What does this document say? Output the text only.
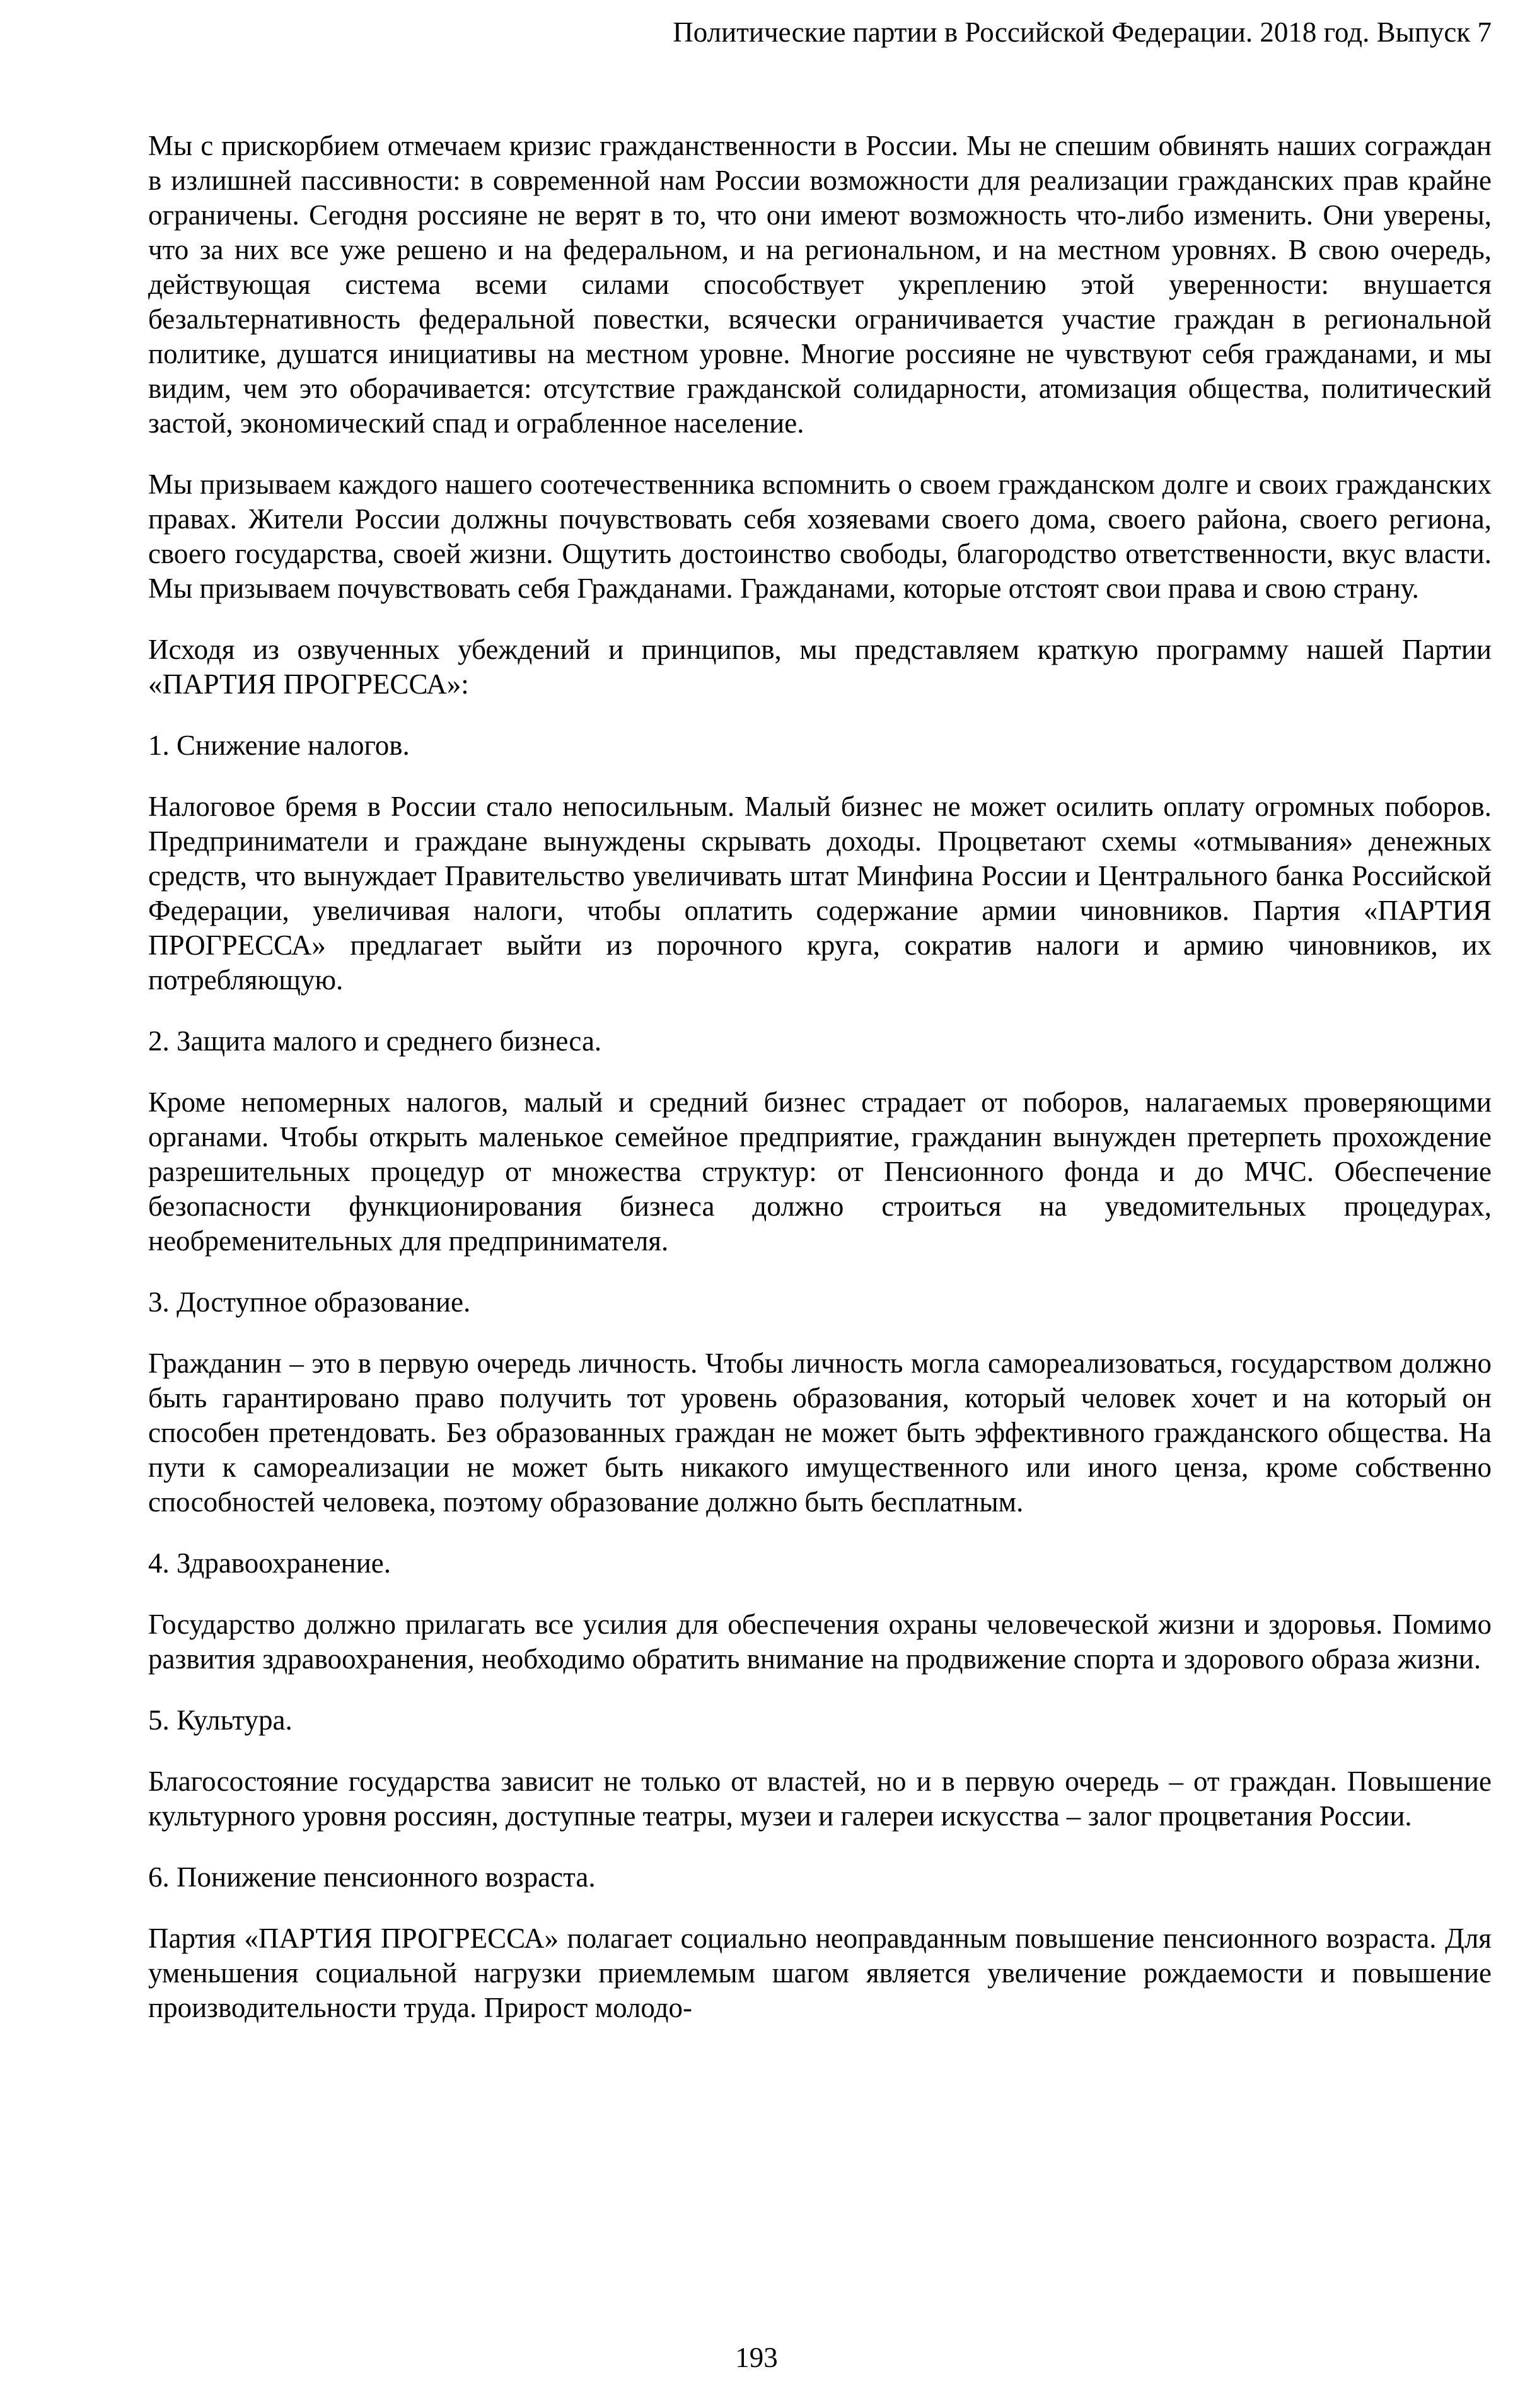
Политические партии в Российской Федерации. 2018 год. Выпуск 7

Мы с прискорбием отмечаем кризис гражданственности в России. Мы не спешим обвинять наших сограждан в излишней пассивности: в современной нам России возможности для реализации гражданских прав крайне ограничены. Сегодня россияне не верят в то, что они имеют возможность что-либо изменить. Они уверены, что за них все уже решено и на федеральном, и на региональном, и на местном уровнях. В свою очередь, действующая система всеми силами способствует укреплению этой уверенности: внушается безальтернативность федеральной повестки, всячески ограничивается участие граждан в региональной политике, душатся инициативы на местном уровне. Многие россияне не чувствуют себя гражданами, и мы видим, чем это оборачивается: отсутствие гражданской солидарности, атомизация общества, политический застой, экономический спад и ограбленное население.

Мы призываем каждого нашего соотечественника вспомнить о своем гражданском долге и своих гражданских правах. Жители России должны почувствовать себя хозяевами своего дома, своего района, своего региона, своего государства, своей жизни. Ощутить достоинство свободы, благородство ответственности, вкус власти. Мы призываем почувствовать себя Гражданами. Гражданами, которые отстоят свои права и свою страну.

Исходя из озвученных убеждений и принципов, мы представляем краткую программу нашей Партии «ПАРТИЯ ПРОГРЕССА»:

1. Снижение налогов.

Налоговое бремя в России стало непосильным. Малый бизнес не может осилить оплату огромных поборов. Предприниматели и граждане вынуждены скрывать доходы. Процветают схемы «отмывания» денежных средств, что вынуждает Правительство увеличивать штат Минфина России и Центрального банка Российской Федерации, увеличивая налоги, чтобы оплатить содержание армии чиновников. Партия «ПАРТИЯ ПРОГРЕССА» предлагает выйти из порочного круга, сократив налоги и армию чиновников, их потребляющую.

2. Защита малого и среднего бизнеса.

Кроме непомерных налогов, малый и средний бизнес страдает от поборов, налагаемых проверяющими органами. Чтобы открыть маленькое семейное предприятие, гражданин вынужден претерпеть прохождение разрешительных процедур от множества структур: от Пенсионного фонда и до МЧС. Обеспечение безопасности функционирования бизнеса должно строиться на уведомительных процедурах, необременительных для предпринимателя.

3. Доступное образование.

Гражданин – это в первую очередь личность. Чтобы личность могла самореализоваться, государством должно быть гарантировано право получить тот уровень образования, который человек хочет и на который он способен претендовать. Без образованных граждан не может быть эффективного гражданского общества. На пути к самореализации не может быть никакого имущественного или иного ценза, кроме собственно способностей человека, поэтому образование должно быть бесплатным.

4. Здравоохранение.

Государство должно прилагать все усилия для обеспечения охраны человеческой жизни и здоровья. Помимо развития здравоохранения, необходимо обратить внимание на продвижение спорта и здорового образа жизни.

5. Культура.

Благосостояние государства зависит не только от властей, но и в первую очередь – от граждан. Повышение культурного уровня россиян, доступные театры, музеи и галереи искусства – залог процветания России.

6. Понижение пенсионного возраста.

Партия «ПАРТИЯ ПРОГРЕССА» полагает социально неоправданным повышение пенсионного возраста. Для уменьшения социальной нагрузки приемлемым шагом является увеличение рождаемости и повышение производительности труда. Прирост молодо-

193
